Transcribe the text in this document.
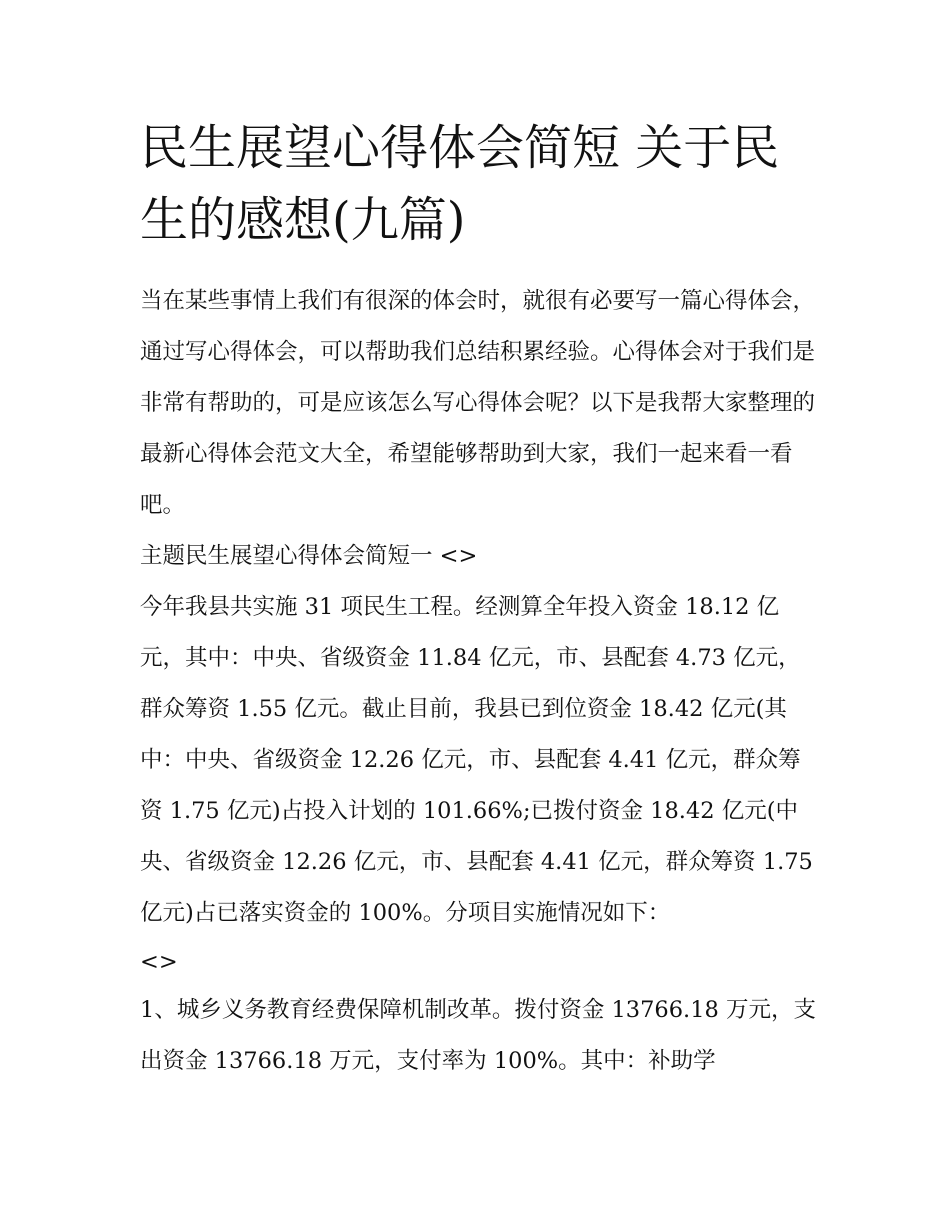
民生展望心得体会简短 关于民生的感想(九篇)

当在某些事情上我们有很深的体会时，就很有必要写一篇心得体会，通过写心得体会，可以帮助我们总结积累经验。心得体会对于我们是非常有帮助的，可是应该怎么写心得体会呢？以下是我帮大家整理的最新心得体会范文大全，希望能够帮助到大家，我们一起来看一看吧。

主题民生展望心得体会简短一 <>

今年我县共实施 31 项民生工程。经测算全年投入资金 18.12 亿元，其中：中央、省级资金 11.84 亿元，市、县配套 4.73 亿元，群众筹资 1.55 亿元。截止目前，我县已到位资金 18.42 亿元(其中：中央、省级资金 12.26 亿元，市、县配套 4.41 亿元，群众筹资 1.75 亿元)占投入计划的 101.66%;已拨付资金 18.42 亿元(中央、省级资金 12.26 亿元，市、县配套 4.41 亿元，群众筹资 1.75 亿元)占已落实资金的 100%。分项目实施情况如下：

<>

1、城乡义务教育经费保障机制改革。拨付资金 13766.18 万元，支出资金 13766.18 万元，支付率为 100%。其中：补助学
